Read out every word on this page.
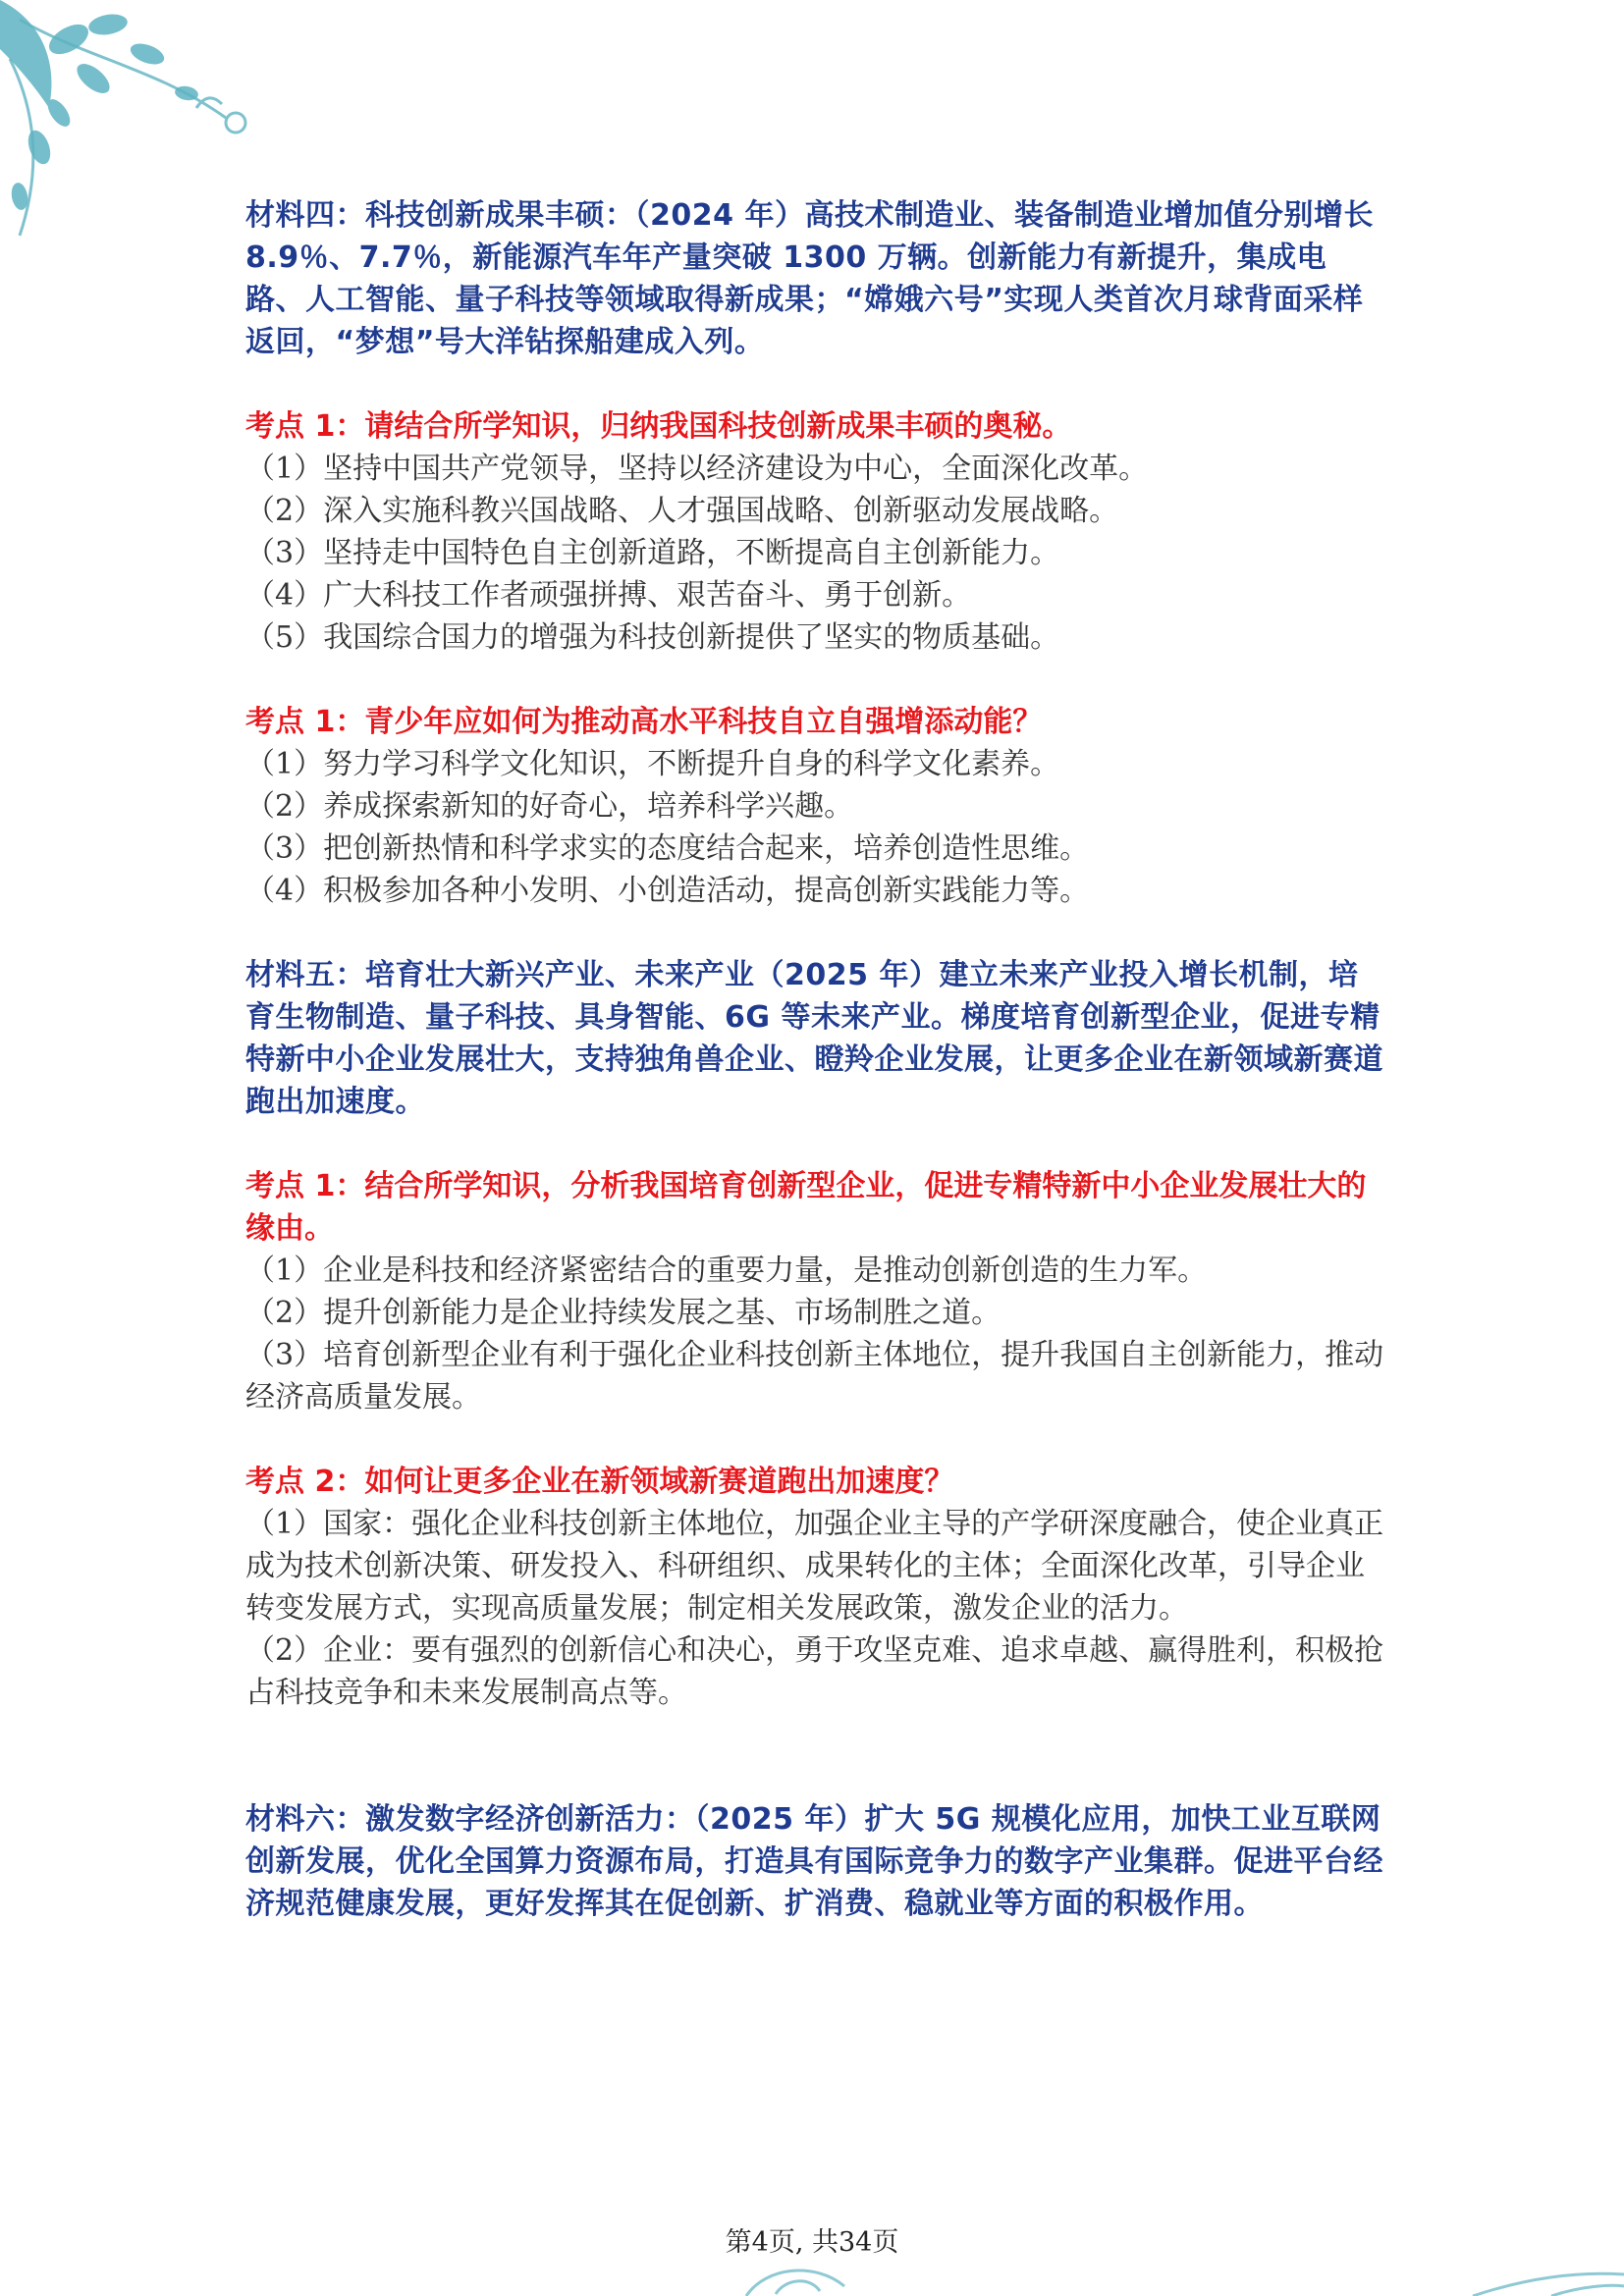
材料四：科技创新成果丰硕：（2024 年）高技术制造业、装备制造业增加值分别增长 8.9％、7.7％，新能源汽车年产量突破 1300 万辆。创新能力有新提升，集成电路、人工智能、量子科技等领域取得新成果；“嫦娥六号”实现人类首次月球背面采样返回，“梦想”号大洋钻探船建成入列。
考点 1：请结合所学知识，归纳我国科技创新成果丰硕的奥秘。
（1）坚持中国共产党领导，坚持以经济建设为中心，全面深化改革。
（2）深入实施科教兴国战略、人才强国战略、创新驱动发展战略。
（3）坚持走中国特色自主创新道路，不断提高自主创新能力。
（4）广大科技工作者顽强拼搏、艰苦奋斗、勇于创新。
（5）我国综合国力的增强为科技创新提供了坚实的物质基础。
考点 1：青少年应如何为推动高水平科技自立自强增添动能？
（1）努力学习科学文化知识，不断提升自身的科学文化素养。
（2）养成探索新知的好奇心，培养科学兴趣。
（3）把创新热情和科学求实的态度结合起来，培养创造性思维。
（4）积极参加各种小发明、小创造活动，提高创新实践能力等。
材料五：培育壮大新兴产业、未来产业（2025 年）建立未来产业投入增长机制，培育生物制造、量子科技、具身智能、6G 等未来产业。梯度培育创新型企业，促进专精特新中小企业发展壮大，支持独角兽企业、瞪羚企业发展，让更多企业在新领域新赛道跑出加速度。
考点 1：结合所学知识，分析我国培育创新型企业，促进专精特新中小企业发展壮大的缘由。
（1）企业是科技和经济紧密结合的重要力量，是推动创新创造的生力军。
（2）提升创新能力是企业持续发展之基、市场制胜之道。
（3）培育创新型企业有利于强化企业科技创新主体地位，提升我国自主创新能力，推动经济高质量发展。
考点 2：如何让更多企业在新领域新赛道跑出加速度？
（1）国家：强化企业科技创新主体地位，加强企业主导的产学研深度融合，使企业真正成为技术创新决策、研发投入、科研组织、成果转化的主体；全面深化改革，引导企业转变发展方式，实现高质量发展；制定相关发展政策，激发企业的活力。
（2）企业：要有强烈的创新信心和决心，勇于攻坚克难、追求卓越、赢得胜利，积极抢占科技竞争和未来发展制高点等。
材料六：激发数字经济创新活力：（2025 年）扩大 5G 规模化应用，加快工业互联网创新发展，优化全国算力资源布局，打造具有国际竞争力的数字产业集群。促进平台经济规范健康发展，更好发挥其在促创新、扩消费、稳就业等方面的积极作用。
第4页, 共34页
